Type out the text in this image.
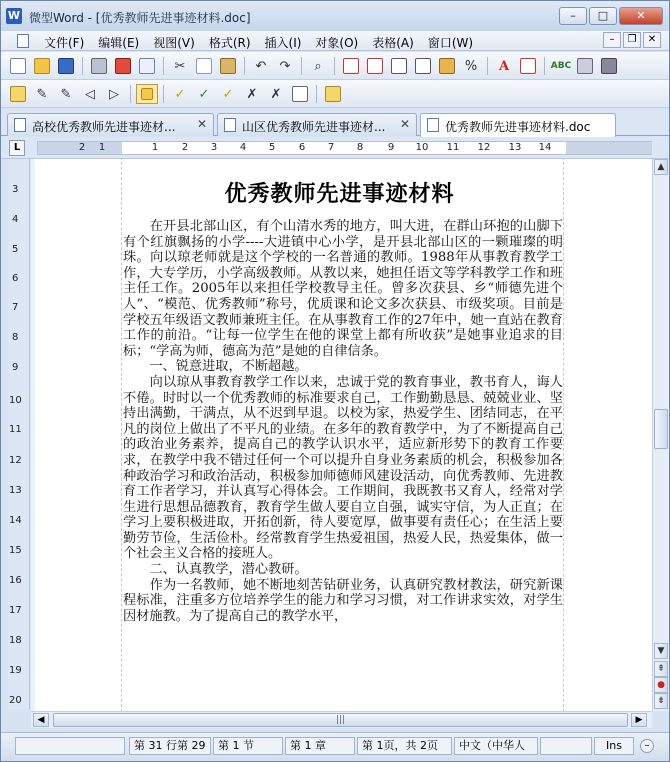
W 微型Word - [优秀教师先进事迹材料.doc]	–	□	✕
文件(F)	编辑(E)	视图(V)	格式(R)	插入(I)	对象(O)	表格(A)	窗口(W)	–	❐	✕
✂	↶	↷	⌕	%	A	ABC
✎	✎	◁	▷	✓	✓	✓	✗	✗
高校优秀教师先进事迹材... ✕	山区优秀教师先进事迹材... ✕	优秀教师先进事迹材料.doc
L	2 1	1 2 3 4 5 6 7 8 9 10 11 12 13 14
3
4
5
6
7
8
9
10
11
12
13
14
15
16
17
18
19
20
优秀教师先进事迹材料

　　在开县北部山区，有个山清水秀的地方，叫大进，在群山环抱的山脚下有个红旗飘扬的小学----大进镇中心小学，是开县北部山区的一颗璀璨的明珠。向以琼老师就是这个学校的一名普通的教师。1988年从事教育教学工作，大专学历，小学高级教师。从教以来，她担任语文等学科教学工作和班主任工作。2005年以来担任学校教导主任。曾多次获县、乡“师德先进个人”、“模范、优秀教师”称号，优质课和论文多次获县、市级奖项。目前是学校五年级语文教师兼班主任。在从事教育工作的27年中，她一直站在教育工作的前沿。“让每一位学生在他的课堂上都有所收获”是她事业追求的目标；“学高为师，德高为范”是她的自律信条。

　　一、锐意进取，不断超越。

　　向以琼从事教育教学工作以来，忠诚于党的教育事业，教书育人，诲人不倦。时时以一个优秀教师的标准要求自己，工作勤勤恳恳、兢兢业业、坚持出满勤，干满点，从不迟到早退。以校为家，热爱学生、团结同志，在平凡的岗位上做出了不平凡的业绩。在多年的教育教学中，为了不断提高自己的政治业务素养，提高自己的教学认识水平，适应新形势下的教育工作要求，在教学中我不错过任何一个可以提升自身业务素质的机会，积极参加各种政治学习和政治活动，积极参加师德师风建设活动，向优秀教师、先进教育工作者学习，并认真写心得体会。工作期间，我既教书又育人，经常对学生进行思想品德教育，教育学生做人要自立自强，诚实守信，为人正直；在学习上要积极进取，开拓创新，待人要宽厚，做事要有责任心；在生活上要勤劳节俭，生活俭朴。经常教育学生热爱祖国，热爱人民，热爱集体，做一个社会主义合格的接班人。

　　二、认真教学，潜心教研。

　　作为一名教师，她不断地刻苦钻研业务，认真研究教材教法，研究新课程标准，注重多方位培养学生的能力和学习习惯，对工作讲求实效，对学生因材施教。为了提高自己的教学水平，

▲
▼
⇞
●
⇟
◀	|||	▶
第 31 行第 29	第 1 节	第 1 章	第 1页，共 2页	中文（中华人	Ins	–
